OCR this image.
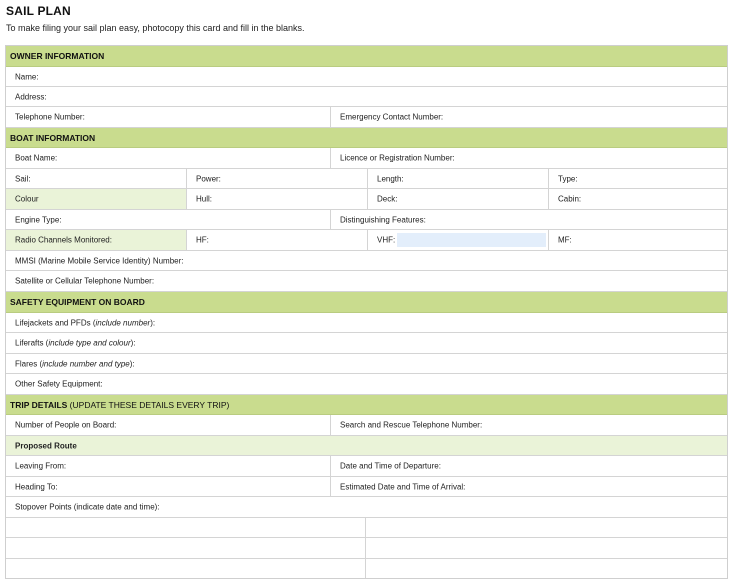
SAIL PLAN
To make filing your sail plan easy, photocopy this card and fill in the blanks.
OWNER INFORMATION
Name:
Address:
Telephone Number:	Emergency Contact Number:
BOAT INFORMATION
Boat Name:	Licence or Registration Number:
Sail:	Power:	Length:	Type:
Colour	Hull:	Deck:	Cabin:
Engine Type:	Distinguishing Features:
Radio Channels Monitored:	HF:	VHF:	MF:
MMSI (Marine Mobile Service Identity) Number:
Satellite or Cellular Telephone Number:
SAFETY EQUIPMENT ON BOARD
Lifejackets and PFDs (include number):
Liferafts (include type and colour):
Flares (include number and type):
Other Safety Equipment:
TRIP DETAILS (UPDATE THESE DETAILS EVERY TRIP)
Number of People on Board:	Search and Rescue Telephone Number:
Proposed Route
Leaving From:	Date and Time of Departure:
Heading To:	Estimated Date and Time of Arrival:
Stopover Points (indicate date and time):
